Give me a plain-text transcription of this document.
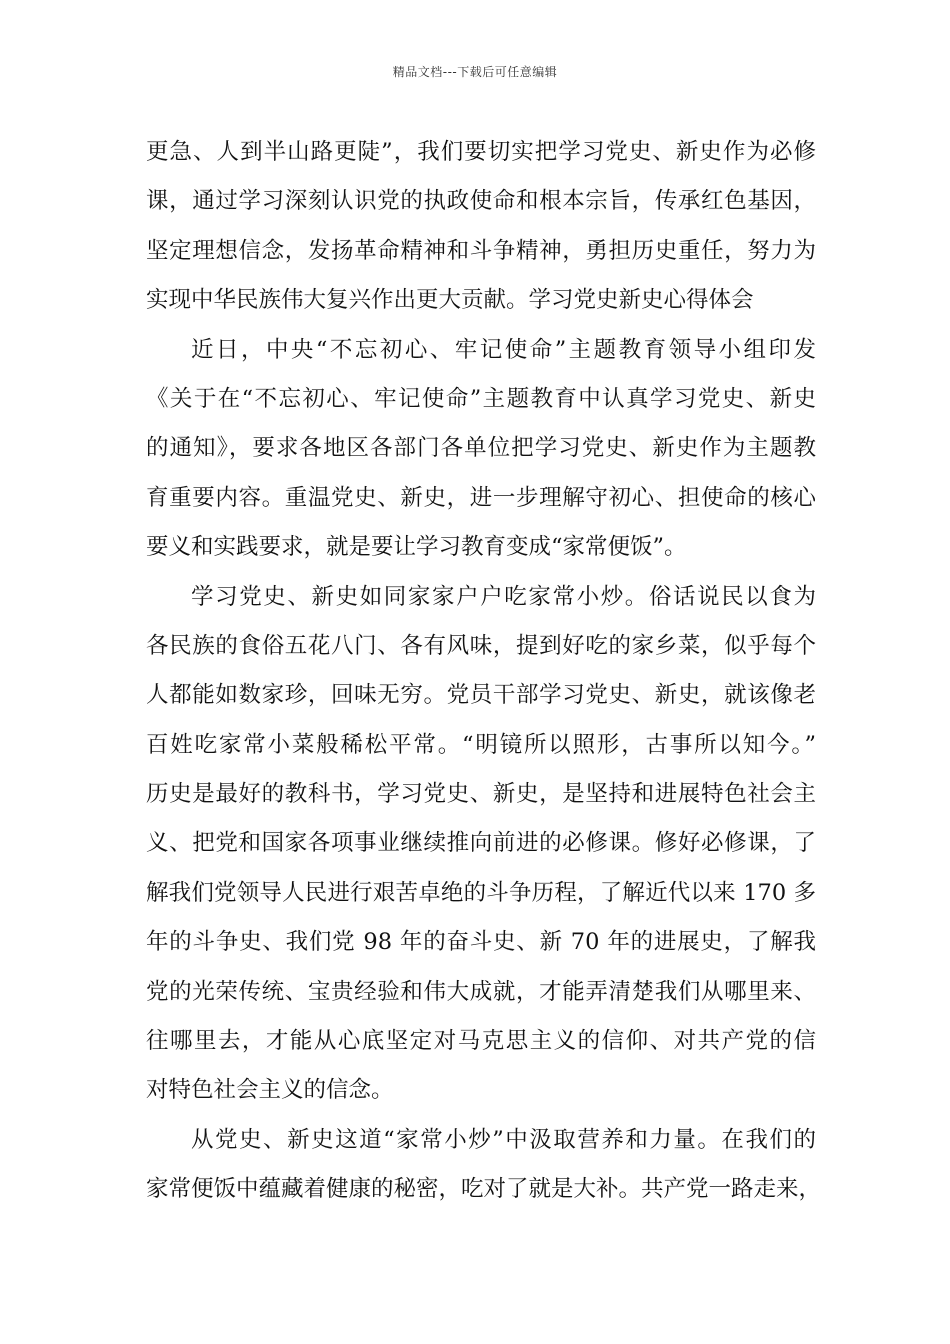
精品文档---下载后可任意编辑
更急、人到半山路更陡”，我们要切实把学习党史、新史作为必修
课，通过学习深刻认识党的执政使命和根本宗旨，传承红色基因，
坚定理想信念，发扬革命精神和斗争精神，勇担历史重任，努力为
实现中华民族伟大复兴作出更大贡献。学习党史新史心得体会
近日，中央“不忘初心、牢记使命”主题教育领导小组印发
《关于在“不忘初心、牢记使命”主题教育中认真学习党史、新史
的通知》，要求各地区各部门各单位把学习党史、新史作为主题教
育重要内容。重温党史、新史，进一步理解守初心、担使命的核心
要义和实践要求，就是要让学习教育变成“家常便饭”。
学习党史、新史如同家家户户吃家常小炒。俗话说民以食为
各民族的食俗五花八门、各有风味，提到好吃的家乡菜，似乎每个
人都能如数家珍，回味无穷。党员干部学习党史、新史，就该像老
百姓吃家常小菜般稀松平常。“明镜所以照形，古事所以知今。”
历史是最好的教科书，学习党史、新史，是坚持和进展特色社会主
义、把党和国家各项事业继续推向前进的必修课。修好必修课，了
解我们党领导人民进行艰苦卓绝的斗争历程，了解近代以来 170 多
年的斗争史、我们党 98 年的奋斗史、新 70 年的进展史，了解我
党的光荣传统、宝贵经验和伟大成就，才能弄清楚我们从哪里来、
往哪里去，才能从心底坚定对马克思主义的信仰、对共产党的信
对特色社会主义的信念。
从党史、新史这道“家常小炒”中汲取营养和力量。在我们的
家常便饭中蕴藏着健康的秘密，吃对了就是大补。共产党一路走来，
